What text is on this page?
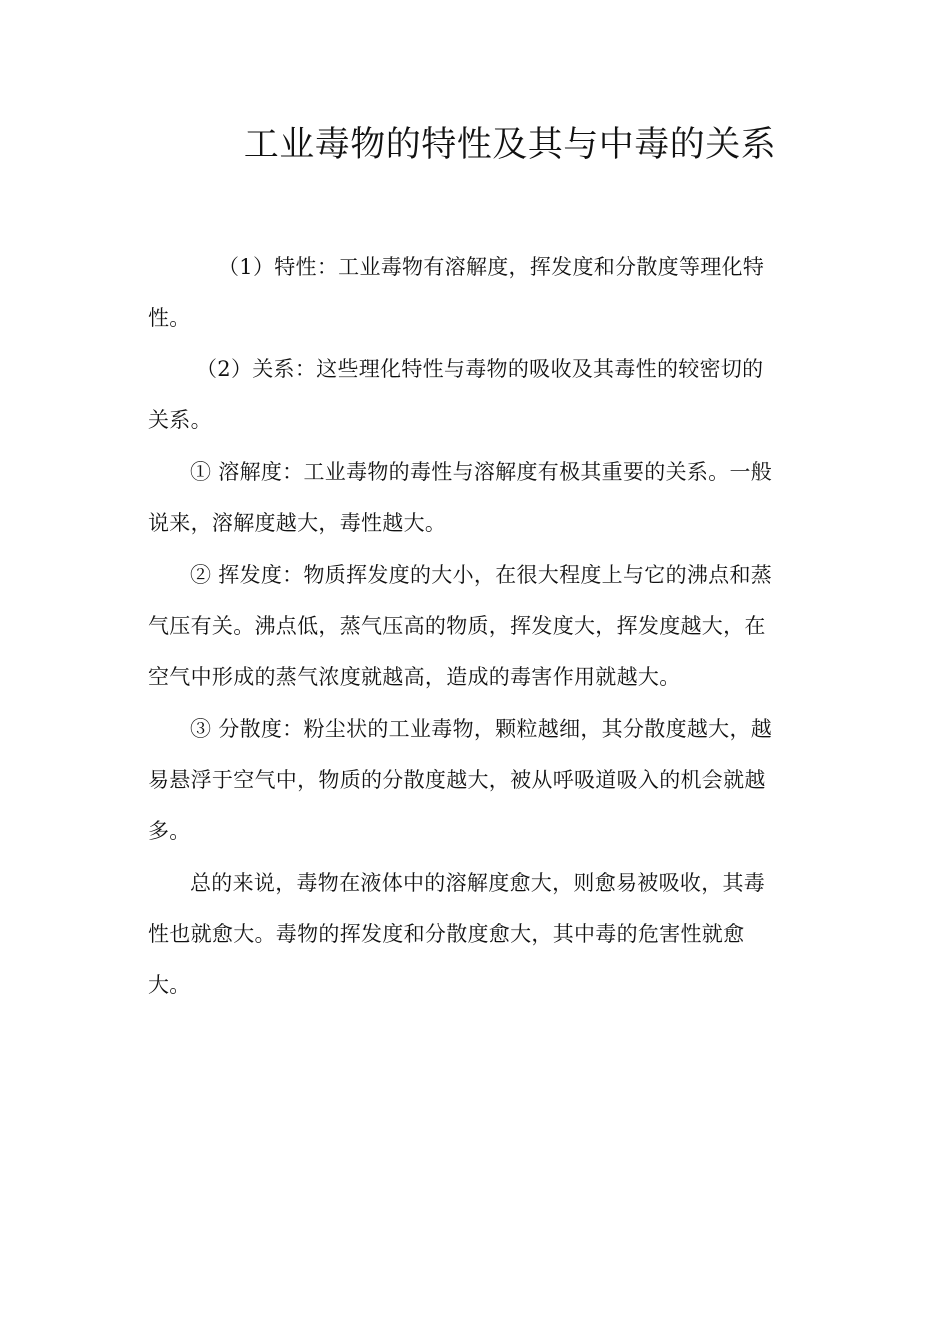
工业毒物的特性及其与中毒的关系
（1）特性：工业毒物有溶解度，挥发度和分散度等理化特
性。
（2）关系：这些理化特性与毒物的吸收及其毒性的较密切的
关系。
① 溶解度：工业毒物的毒性与溶解度有极其重要的关系。一般
说来，溶解度越大，毒性越大。
② 挥发度：物质挥发度的大小，在很大程度上与它的沸点和蒸
气压有关。沸点低，蒸气压高的物质，挥发度大，挥发度越大，在
空气中形成的蒸气浓度就越高，造成的毒害作用就越大。
③ 分散度：粉尘状的工业毒物，颗粒越细，其分散度越大，越
易悬浮于空气中，物质的分散度越大，被从呼吸道吸入的机会就越
多。
总的来说，毒物在液体中的溶解度愈大，则愈易被吸收，其毒
性也就愈大。毒物的挥发度和分散度愈大，其中毒的危害性就愈
大。
